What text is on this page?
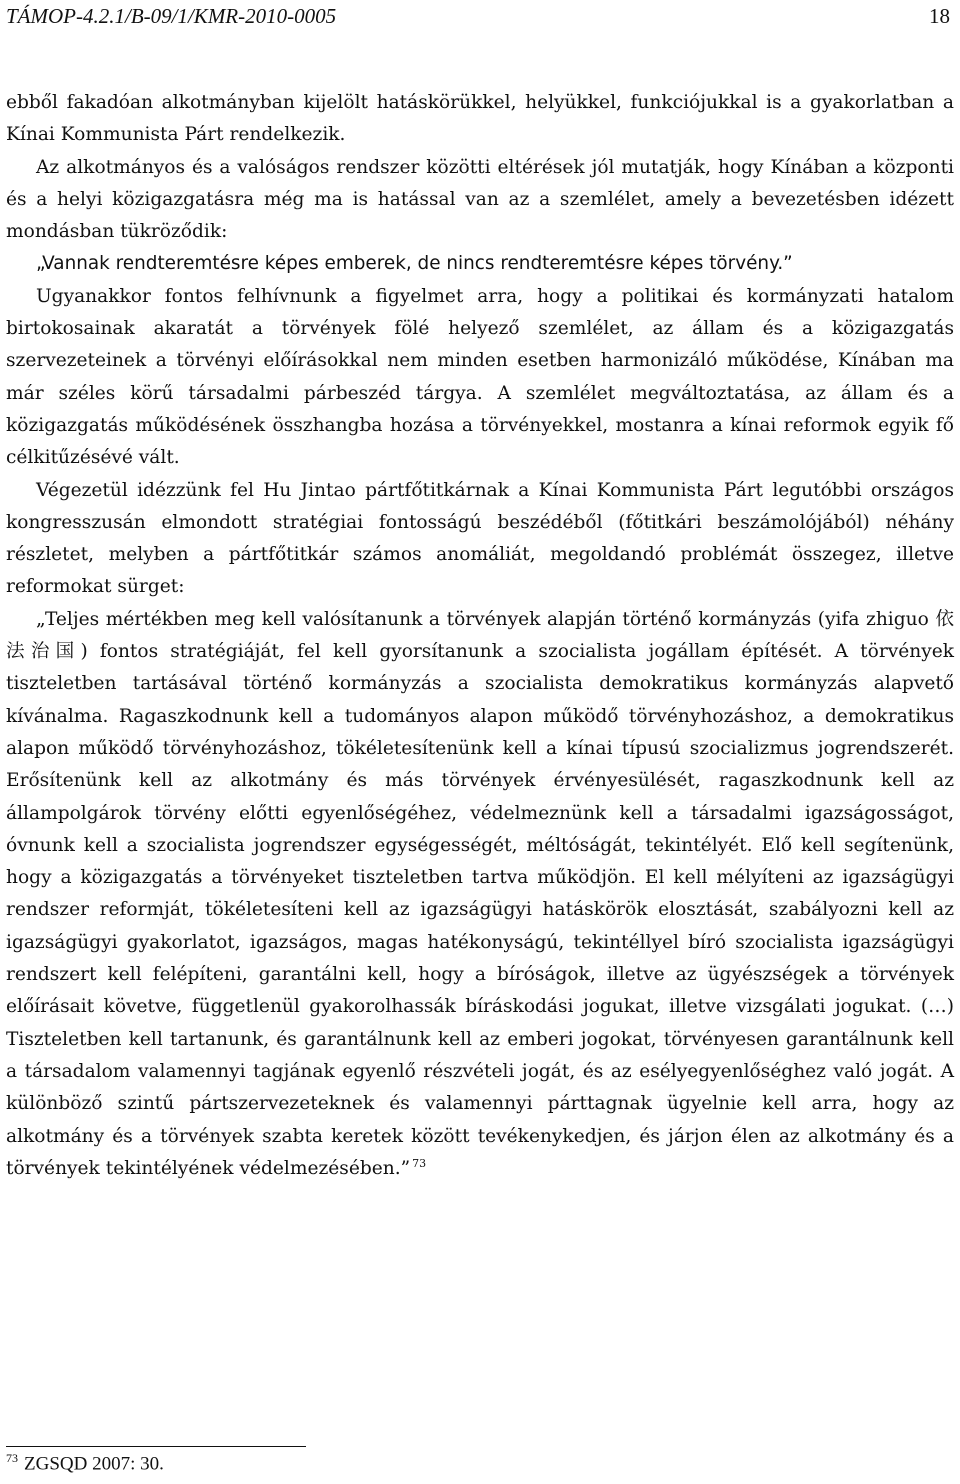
TÁMOP-4.2.1/B-09/1/KMR-2010-0005	18

ebből fakadóan alkotmányban kijelölt hatáskörükkel, helyükkel, funkciójukkal is a gyakorlatban a Kínai Kommunista Párt rendelkezik.

Az alkotmányos és a valóságos rendszer közötti eltérések jól mutatják, hogy Kínában a központi és a helyi közigazgatásra még ma is hatással van az a szemlélet, amely a bevezetésben idézett mondásban tükröződik:

„Vannak rendteremtésre képes emberek, de nincs rendteremtésre képes törvény.”

Ugyanakkor fontos felhívnunk a figyelmet arra, hogy a politikai és kormányzati hatalom birtokosainak akaratát a törvények fölé helyező szemlélet, az állam és a közigazgatás szervezeteinek a törvényi előírásokkal nem minden esetben harmonizáló működése, Kínában ma már széles körű társadalmi párbeszéd tárgya. A szemlélet megváltoztatása, az állam és a közigazgatás működésének összhangba hozása a törvényekkel, mostanra a kínai reformok egyik fő célkitűzésévé vált.

Végezetül idézzünk fel Hu Jintao pártfőtitkárnak a Kínai Kommunista Párt legutóbbi országos kongresszusán elmondott stratégiai fontosságú beszédéből (főtitkári beszámolójából) néhány részletet, melyben a pártfőtitkár számos anomáliát, megoldandó problémát összegez, illetve reformokat sürget:

„Teljes mértékben meg kell valósítanunk a törvények alapján történő kormányzás (yifa zhiguo 依法治国) fontos stratégiáját, fel kell gyorsítanunk a szocialista jogállam építését. A törvények tiszteletben tartásával történő kormányzás a szocialista demokratikus kormányzás alapvető kívánalma. Ragaszkodnunk kell a tudományos alapon működő törvényhozáshoz, a demokratikus alapon működő törvényhozáshoz, tökéletesítenünk kell a kínai típusú szocializmus jogrendszerét. Erősítenünk kell az alkotmány és más törvények érvényesülését, ragaszkodnunk kell az állampolgárok törvény előtti egyenlőségéhez, védelmeznünk kell a társadalmi igazságosságot, óvnunk kell a szocialista jogrendszer egységességét, méltóságát, tekintélyét. Elő kell segítenünk, hogy a közigazgatás a törvényeket tiszteletben tartva működjön. El kell mélyíteni az igazságügyi rendszer reformját, tökéletesíteni kell az igazságügyi hatáskörök elosztását, szabályozni kell az igazságügyi gyakorlatot, igazságos, magas hatékonyságú, tekintéllyel bíró szocialista igazságügyi rendszert kell felépíteni, garantálni kell, hogy a bíróságok, illetve az ügyészségek a törvények előírásait követve, függetlenül gyakorolhassák bíráskodási jogukat, illetve vizsgálati jogukat. (…) Tiszteletben kell tartanunk, és garantálnunk kell az emberi jogokat, törvényesen garantálnunk kell a társadalom valamennyi tagjának egyenlő részvételi jogát, és az esélyegyenlőséghez való jogát. A különböző szintű pártszervezeteknek és valamennyi párttagnak ügyelnie kell arra, hogy az alkotmány és a törvények szabta keretek között tevékenykedjen, és járjon élen az alkotmány és a törvények tekintélyének védelmezésében.” $^{73}$

$^{73}$ ZGSQD 2007: 30.
